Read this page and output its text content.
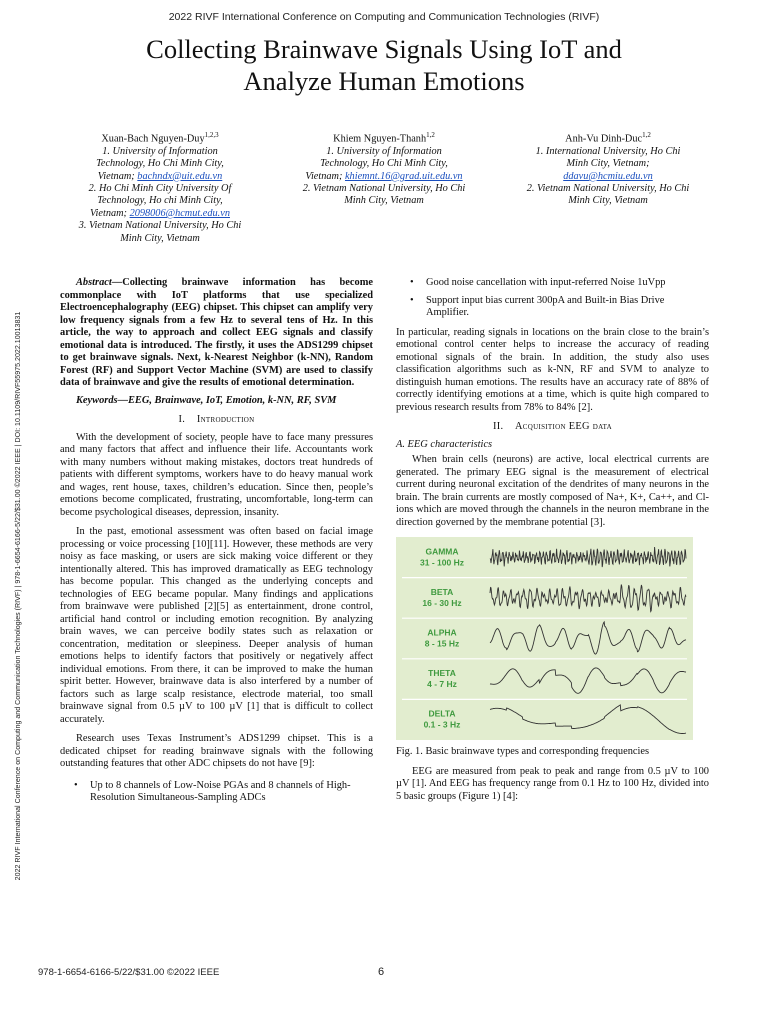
2022 RIVF International Conference on Computing and Communication Technologies (RIVF)
Collecting Brainwave Signals Using IoT and
Analyze Human Emotions
Xuan-Bach Nguyen-Duy$^{1,2,3}$
1. University of Information
Technology, Ho Chi Minh City,
Vietnam; bachndx@uit.edu.vn
2. Ho Chi Minh City University Of
Technology, Ho chi Minh City,
Vietnam; 2098006@hcmut.edu.vn
3. Vietnam National University, Ho Chi
Minh City, Vietnam
Khiem Nguyen-Thanh$^{1,2}$
1. University of Information
Technology, Ho Chi Minh City,
Vietnam; khiemnt.16@grad.uit.edu.vn
2. Vietnam National University, Ho Chi
Minh City, Vietnam
Anh-Vu Dinh-Duc$^{1,2}$
1. International University, Ho Chi
Minh City, Vietnam;
ddavu@hcmiu.edu.vn
2. Vietnam National University, Ho Chi
Minh City, Vietnam
2022 RIVF International Conference on Computing and Communication Technologies (RIVF) | 978-1-6654-6166-5/22/$31.00 ©2022 IEEE | DOI: 10.1109/RIVF55975.2022.10013831

Abstract—Collecting brainwave information has become commonplace with IoT platforms that use specialized Electroencephalography (EEG) chipset. This chipset can amplify very low frequency signals from a few Hz to several tens of Hz. In this article, the way to approach and collect EEG signals and classify emotional data is introduced. The firstly, it uses the ADS1299 chipset to get brainwave signals. Next, k-Nearest Neighbor (k-NN), Random Forest (RF) and Support Vector Machine (SVM) are used to classify data of brainwave and give the results of emotional determination.

Keywords—EEG, Brainwave, IoT, Emotion, k-NN, RF, SVM

I. Introduction

With the development of society, people have to face many pressures and many factors that affect and influence their life. Accountants work with many numbers without making mistakes, doctors treat hundreds of patients with different symptoms, workers have to do heavy manual work and wages, rent house, taxes, children’s education. Since then, people’s emotions become complicated, frustrating, uncomfortable, long-term can become psychological diseases, depression, insanity.

In the past, emotional assessment was often based on facial image processing or voice processing [10][11]. However, these methods are very noisy as face masking, or users are sick making voice different or they intentionally altered. This has improved dramatically as EEG technology has become popular. This changed as the underlying concepts and technologies of EEG became popular. Many findings and applications from brainwave were published [2][5] as entertainment, drone control, artificial hand control or including emotion recognition. By analyzing brain waves, we can perceive bodily states such as relaxation or concentration, meditation or sleepiness. Deeper analysis of human emotions helps to identify factors that positively or negatively affect individual emotions. From there, it can be improved to make the human spirit better. However, brainwave data is also interfered by a number of factors such as large scalp resistance, electrode material, too small brainwave signal from 0.5 µV to 100 µV [1] that is difficult to collect accurately.

Research uses Texas Instrument’s ADS1299 chipset. This is a dedicated chipset for reading brainwave signals with the following outstanding features that other ADC chipsets do not have [9]:

• Up to 8 channels of Low-Noise PGAs and 8 channels of High-Resolution Simultaneous-Sampling ADCs
• Good noise cancellation with input-referred Noise 1uVpp
• Support input bias current 300pA and Built-in Bias Drive Amplifier.

In particular, reading signals in locations on the brain close to the brain’s emotional control center helps to increase the accuracy of reading emotional signals of the brain. In addition, the study also uses classification algorithms such as k-NN, RF and SVM to analyze to distinguish human emotions. The results have an accuracy rate of 88% of correctly identifying emotions at a time, which is quite high compared to previous research results from 78% to 84% [2].

II. Acquisition EEG data

A. EEG characteristics

When brain cells (neurons) are active, local electrical currents are generated. The primary EEG signal is the measurement of electrical current during neuronal excitation of the dendrites of many neurons in the brain. The brain currents are mostly composed of Na+, K+, Ca++, and Cl- ions which are moved through the channels in the neuron membrane in the direction governed by the membrane potential [3].

GAMMA
31 - 100 Hz
BETA
16 - 30 Hz
ALPHA
8 - 15 Hz
THETA
4 - 7 Hz
DELTA
0.1 - 3 Hz

Fig. 1. Basic brainwave types and corresponding frequencies

EEG are measured from peak to peak and range from 0.5 µV to 100 µV [1]. And EEG has frequency range from 0.1 Hz to 100 Hz, divided into 5 basic groups (Figure 1) [4]:

978-1-6654-6166-5/22/$31.00 ©2022 IEEE	6
